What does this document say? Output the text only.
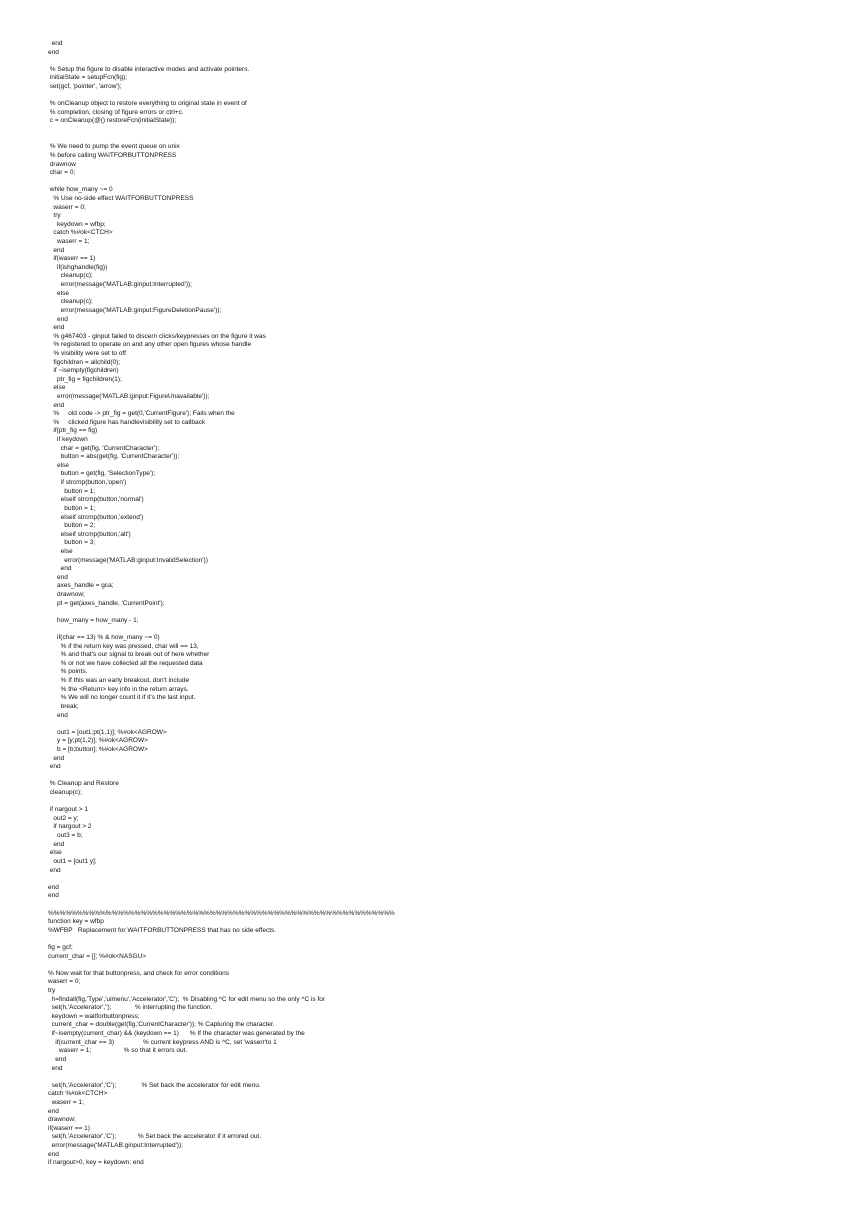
end
end
% Setup the figure to disable interactive modes and activate pointers.
initialState = setupFcn(fig);
set(gcf, 'pointer', 'arrow');
% onCleanup object to restore everything to original state in event of
% completion, closing of figure errors or ctrl+c.
c = onCleanup(@() restoreFcn(initialState));
% We need to pump the event queue on unix
% before calling WAITFORBUTTONPRESS
drawnow
char = 0;
while how_many ~= 0
% Use no-side effect WAITFORBUTTONPRESS
waserr = 0;
try
keydown = wfbp;
catch %#ok<CTCH>
waserr = 1;
end
if(waserr == 1)
if(ishghandle(fig))
cleanup(c);
error(message('MATLAB:ginput:Interrupted'));
else
cleanup(c);
error(message('MATLAB:ginput:FigureDeletionPause'));
end
end
% g467403 - ginput failed to discern clicks/keypresses on the figure it was
% registered to operate on and any other open figures whose handle
% visibility were set to off
figchildren = allchild(0);
if ~isempty(figchildren)
ptr_fig = figchildren(1);
else
error(message('MATLAB:ginput:FigureUnavailable'));
end
%     old code -> ptr_fig = get(0,'CurrentFigure'); Fails when the
%     clicked figure has handlevisibility set to callback
if(ptr_fig == fig)
if keydown
char = get(fig, 'CurrentCharacter');
button = abs(get(fig, 'CurrentCharacter'));
else
button = get(fig, 'SelectionType');
if strcmp(button,'open')
button = 1;
elseif strcmp(button,'normal')
button = 1;
elseif strcmp(button,'extend')
button = 2;
elseif strcmp(button,'alt')
button = 3;
else
error(message('MATLAB:ginput:InvalidSelection'))
end
end
axes_handle = gca;
drawnow;
pt = get(axes_handle, 'CurrentPoint');
how_many = how_many - 1;
if(char == 13) % & how_many ~= 0)
% if the return key was pressed, char will == 13,
% and that's our signal to break out of here whether
% or not we have collected all the requested data
% points.
% If this was an early breakout, don't include
% the <Return> key info in the return arrays.
% We will no longer count it if it's the last input.
break;
end
out1 = [out1;pt(1,1)]; %#ok<AGROW>
y = [y;pt(1,2)]; %#ok<AGROW>
b = [b;button]; %#ok<AGROW>
end
end
% Cleanup and Restore
cleanup(c);
if nargout > 1
out2 = y;
if nargout > 2
out3 = b;
end
else
out1 = [out1 y];
end
end
end
%%%%%%%%%%%%%%%%%%%%%%%%%%%%%%%%%%%%%%%%%%%%%%%%%%%%%%%%%%%%
function key = wfbp
%WFBP   Replacement for WAITFORBUTTONPRESS that has no side effects.
fig = gcf;
current_char = []; %#ok<NASGU>
% Now wait for that buttonpress, and check for error conditions
waserr = 0;
try
h=findall(fig,'Type','uimenu','Accelerator','C');  % Disabling ^C for edit menu so the only ^C is for
set(h,'Accelerator','');             % interrupting the function.
keydown = waitforbuttonpress;
current_char = double(get(fig,'CurrentCharacter')); % Capturing the character.
if~isempty(current_char) && (keydown == 1)      % If the character was generated by the
if(current_char == 3)                % current keypress AND is ^C, set 'waserr'to 1
waserr = 1;                  % so that it errors out.
end
end
set(h,'Accelerator','C');              % Set back the accelerator for edit menu.
catch %#ok<CTCH>
waserr = 1;
end
drawnow;
if(waserr == 1)
set(h,'Accelerator','C');            % Set back the accelerator if it errored out.
error(message('MATLAB:ginput:Interrupted'));
end
if nargout>0, key = keydown; end
